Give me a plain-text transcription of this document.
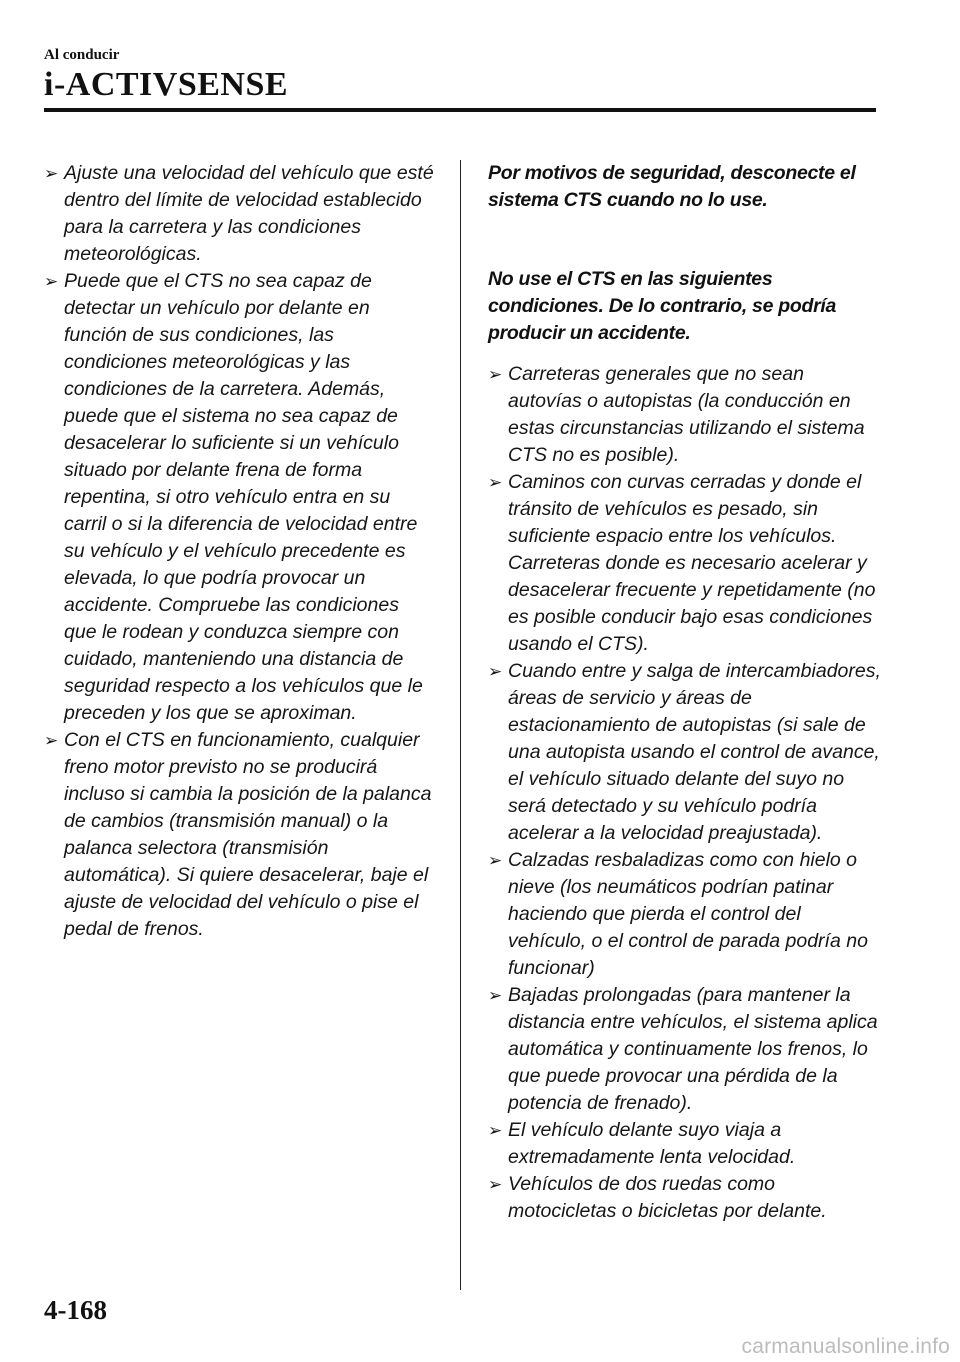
Al conducir
i-ACTIVSENSE
➢ Ajuste una velocidad del vehículo que esté dentro del límite de velocidad establecido para la carretera y las condiciones meteorológicas.
➢ Puede que el CTS no sea capaz de detectar un vehículo por delante en función de sus condiciones, las condiciones meteorológicas y las condiciones de la carretera. Además, puede que el sistema no sea capaz de desacelerar lo suficiente si un vehículo situado por delante frena de forma repentina, si otro vehículo entra en su carril o si la diferencia de velocidad entre su vehículo y el vehículo precedente es elevada, lo que podría provocar un accidente. Compruebe las condiciones que le rodean y conduzca siempre con cuidado, manteniendo una distancia de seguridad respecto a los vehículos que le preceden y los que se aproximan.
➢ Con el CTS en funcionamiento, cualquier freno motor previsto no se producirá incluso si cambia la posición de la palanca de cambios (transmisión manual) o la palanca selectora (transmisión automática). Si quiere desacelerar, baje el ajuste de velocidad del vehículo o pise el pedal de frenos.

Por motivos de seguridad, desconecte el sistema CTS cuando no lo use.

No use el CTS en las siguientes condiciones. De lo contrario, se podría producir un accidente.

➢ Carreteras generales que no sean autovías o autopistas (la conducción en estas circunstancias utilizando el sistema CTS no es posible).
➢ Caminos con curvas cerradas y donde el tránsito de vehículos es pesado, sin suficiente espacio entre los vehículos. Carreteras donde es necesario acelerar y desacelerar frecuente y repetidamente (no es posible conducir bajo esas condiciones usando el CTS).
➢ Cuando entre y salga de intercambiadores, áreas de servicio y áreas de estacionamiento de autopistas (si sale de una autopista usando el control de avance, el vehículo situado delante del suyo no será detectado y su vehículo podría acelerar a la velocidad preajustada).
➢ Calzadas resbaladizas como con hielo o nieve (los neumáticos podrían patinar haciendo que pierda el control del vehículo, o el control de parada podría no funcionar)
➢ Bajadas prolongadas (para mantener la distancia entre vehículos, el sistema aplica automática y continuamente los frenos, lo que puede provocar una pérdida de la potencia de frenado).
➢ El vehículo delante suyo viaja a extremadamente lenta velocidad.
➢ Vehículos de dos ruedas como motocicletas o bicicletas por delante.
4-168
carmanualsonline.info
